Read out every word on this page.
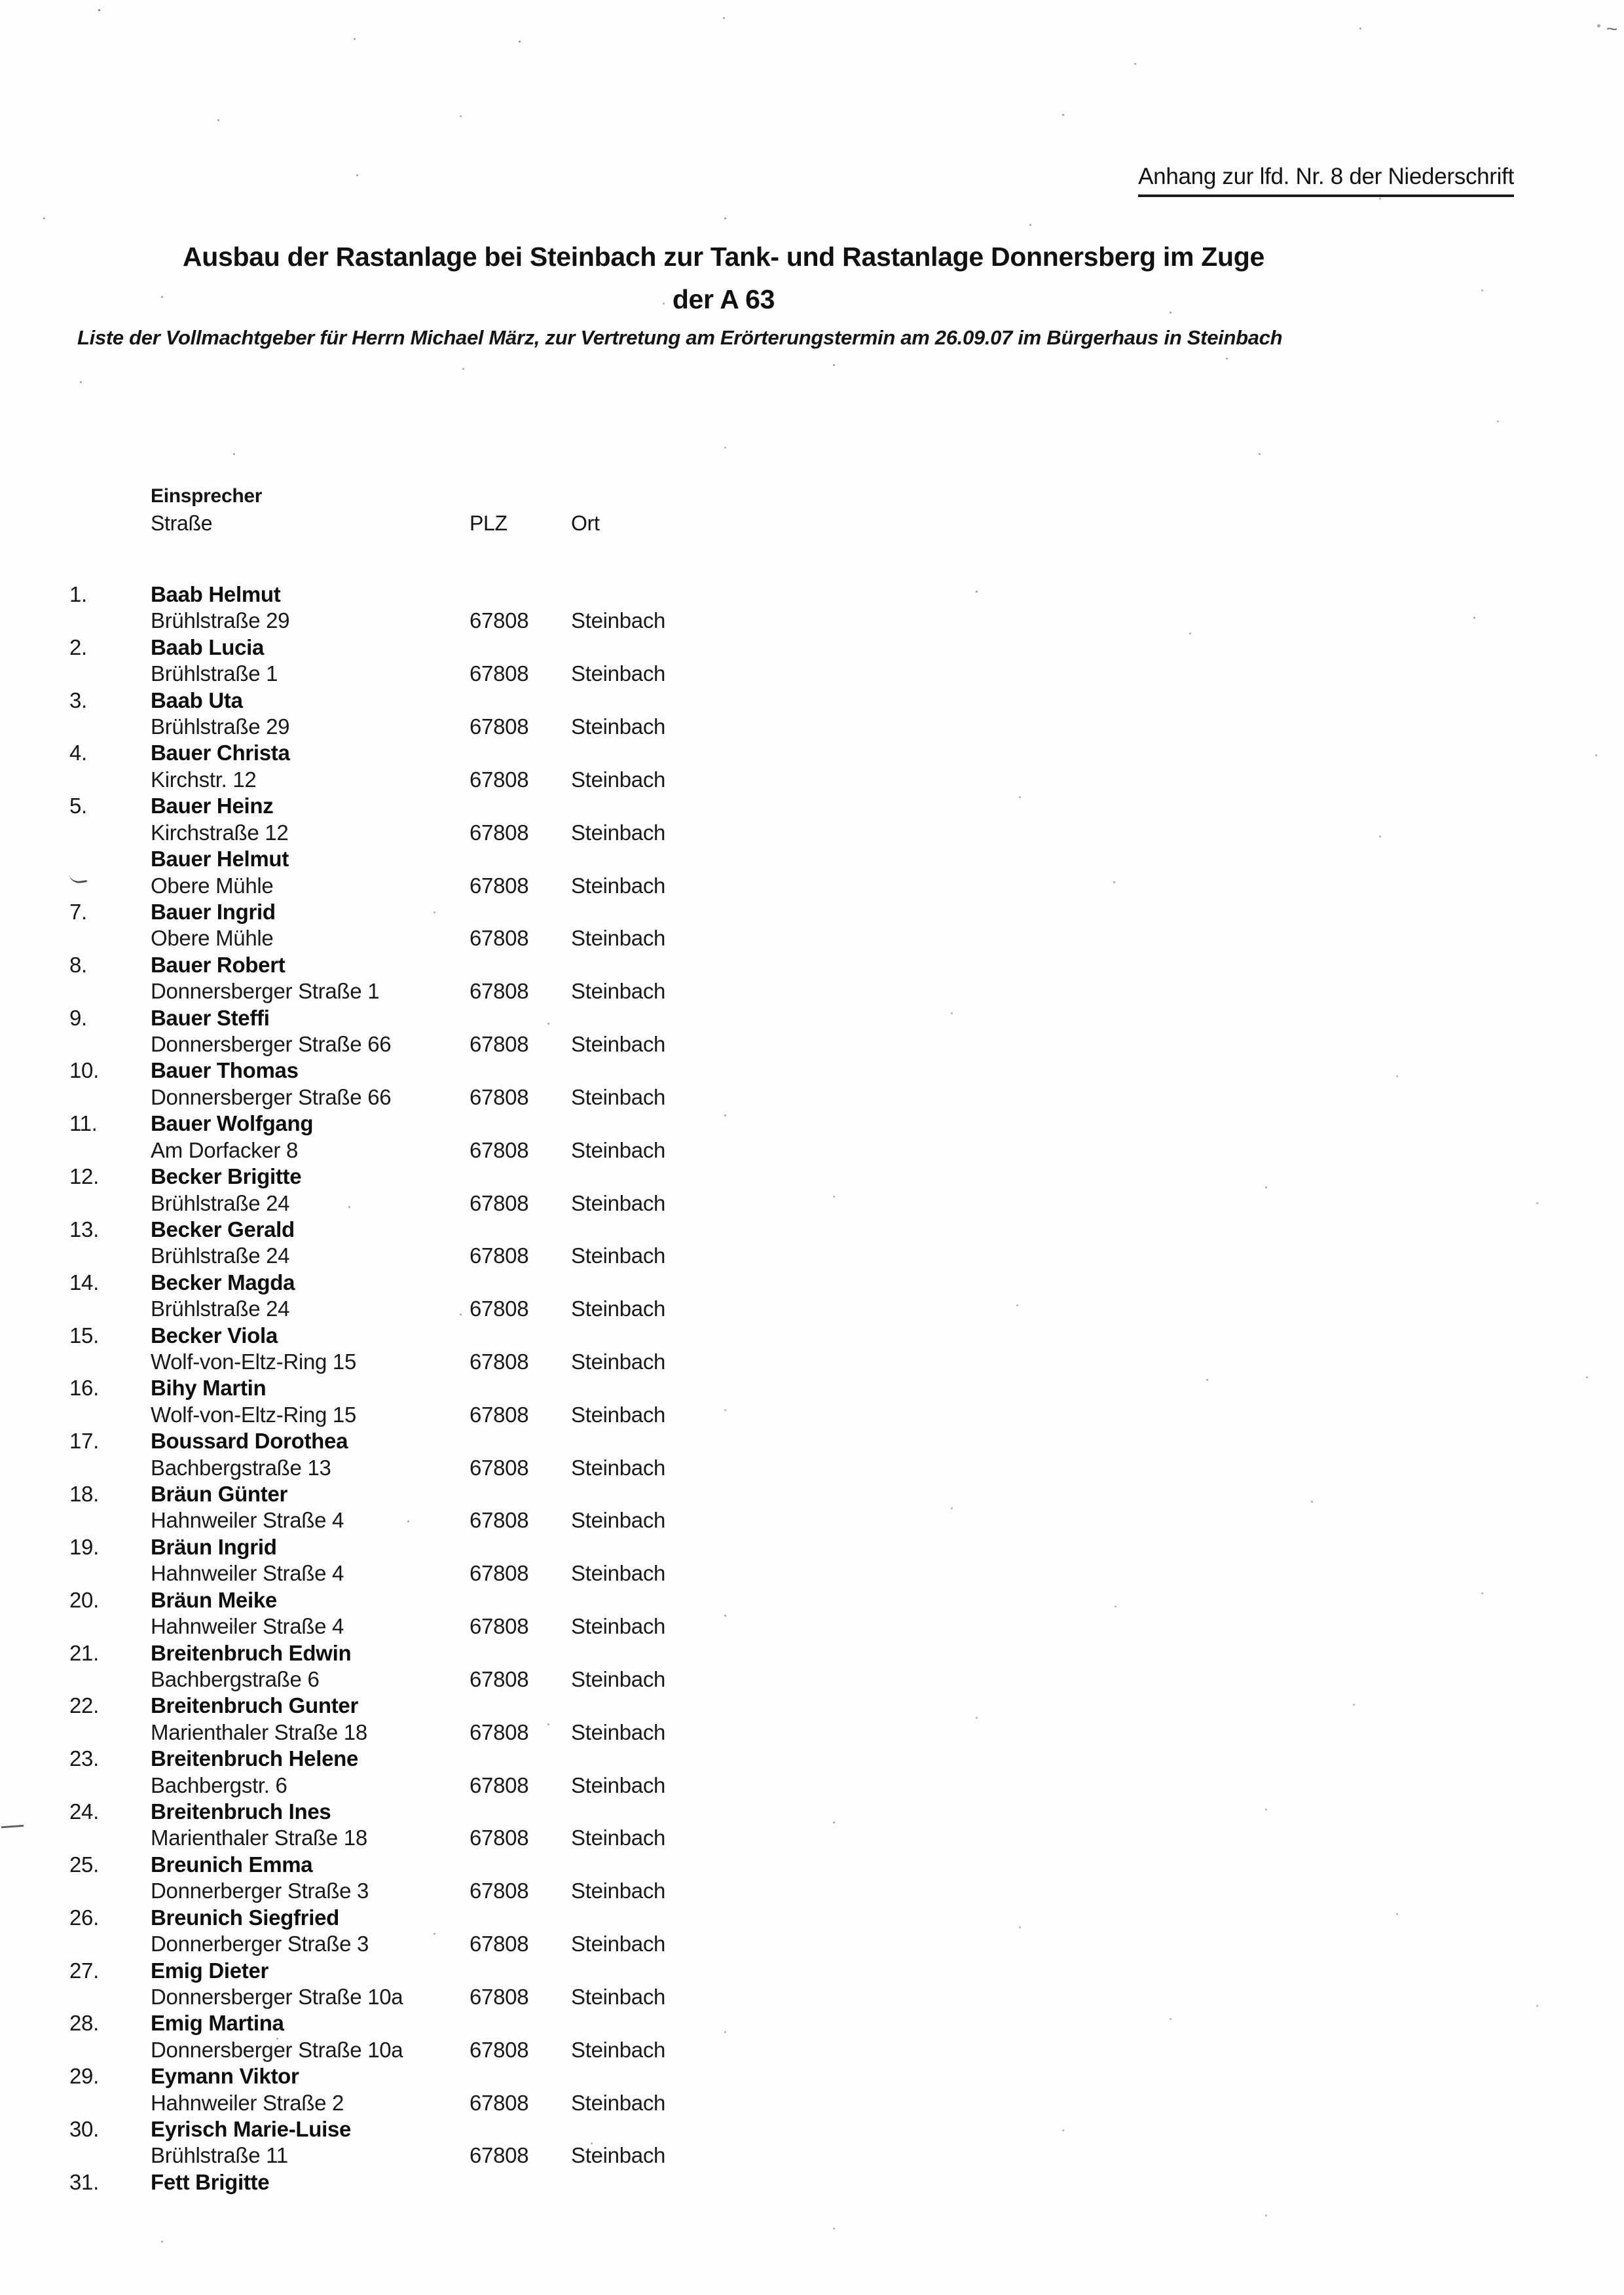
~
Anhang zur lfd. Nr. 8 der Niederschrift
Ausbau der Rastanlage bei Steinbach zur Tank- und Rastanlage Donnersberg im Zuge
der A 63
Liste der Vollmachtgeber für Herrn Michael März, zur Vertretung am Erörterungstermin am 26.09.07 im Bürgerhaus in Steinbach
Einsprecher
Straße	PLZ	Ort
1.	Baab Helmut
Brühlstraße 29	67808	Steinbach
2.	Baab Lucia
Brühlstraße 1	67808	Steinbach
3.	Baab Uta
Brühlstraße 29	67808	Steinbach
4.	Bauer Christa
Kirchstr. 12	67808	Steinbach
5.	Bauer Heinz
Kirchstraße 12	67808	Steinbach
Bauer Helmut
Obere Mühle	67808	Steinbach
7.	Bauer Ingrid
Obere Mühle	67808	Steinbach
8.	Bauer Robert
Donnersberger Straße 1	67808	Steinbach
9.	Bauer Steffi
Donnersberger Straße 66	67808	Steinbach
10.	Bauer Thomas
Donnersberger Straße 66	67808	Steinbach
11.	Bauer Wolfgang
Am Dorfacker 8	67808	Steinbach
12.	Becker Brigitte
Brühlstraße 24	67808	Steinbach
13.	Becker Gerald
Brühlstraße 24	67808	Steinbach
14.	Becker Magda
Brühlstraße 24	67808	Steinbach
15.	Becker Viola
Wolf-von-Eltz-Ring 15	67808	Steinbach
16.	Bihy Martin
Wolf-von-Eltz-Ring 15	67808	Steinbach
17.	Boussard Dorothea
Bachbergstraße 13	67808	Steinbach
18.	Bräun Günter
Hahnweiler Straße 4	67808	Steinbach
19.	Bräun Ingrid
Hahnweiler Straße 4	67808	Steinbach
20.	Bräun Meike
Hahnweiler Straße 4	67808	Steinbach
21.	Breitenbruch Edwin
Bachbergstraße 6	67808	Steinbach
22.	Breitenbruch Gunter
Marienthaler Straße 18	67808	Steinbach
23.	Breitenbruch Helene
Bachbergstr. 6	67808	Steinbach
24.	Breitenbruch Ines
Marienthaler Straße 18	67808	Steinbach
25.	Breunich Emma
Donnerberger Straße 3	67808	Steinbach
26.	Breunich Siegfried
Donnerberger Straße 3	67808	Steinbach
27.	Emig Dieter
Donnersberger Straße 10a	67808	Steinbach
28.	Emig Martina
Donnersberger Straße 10a	67808	Steinbach
29.	Eymann Viktor
Hahnweiler Straße 2	67808	Steinbach
30.	Eyrisch Marie-Luise
Brühlstraße 11	67808	Steinbach
31.	Fett Brigitte
